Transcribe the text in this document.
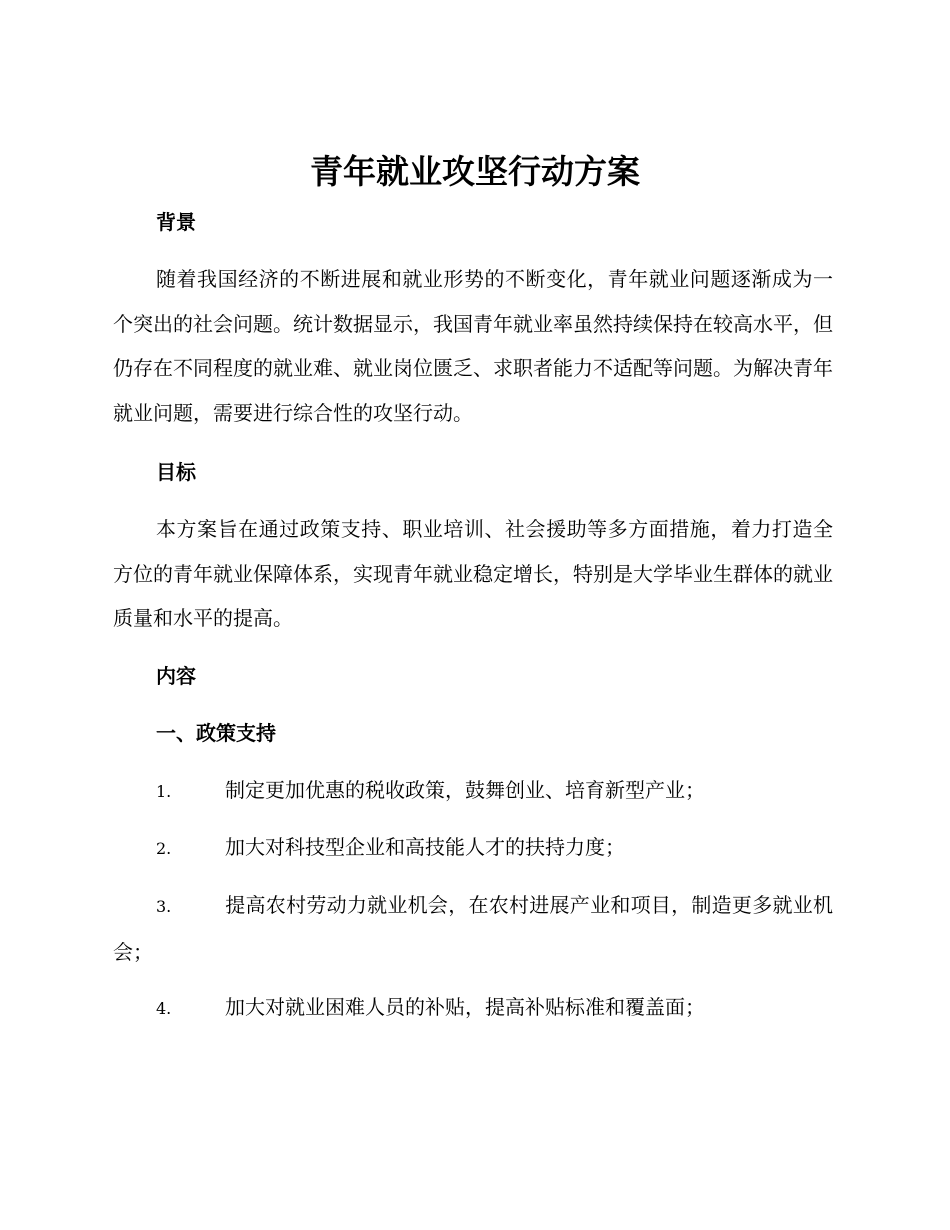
青年就业攻坚行动方案
背景

随着我国经济的不断进展和就业形势的不断变化，青年就业问题逐渐成为一个突出的社会问题。统计数据显示，我国青年就业率虽然持续保持在较高水平，但仍存在不同程度的就业难、就业岗位匮乏、求职者能力不适配等问题。为解决青年就业问题，需要进行综合性的攻坚行动。

目标

本方案旨在通过政策支持、职业培训、社会援助等多方面措施，着力打造全方位的青年就业保障体系，实现青年就业稳定增长，特别是大学毕业生群体的就业质量和水平的提高。

内容
一、政策支持

1.	制定更加优惠的税收政策，鼓舞创业、培育新型产业；

2.	加大对科技型企业和高技能人才的扶持力度；

3.	提高农村劳动力就业机会，在农村进展产业和项目，制造更多就业机会；

4.	加大对就业困难人员的补贴，提高补贴标准和覆盖面；
